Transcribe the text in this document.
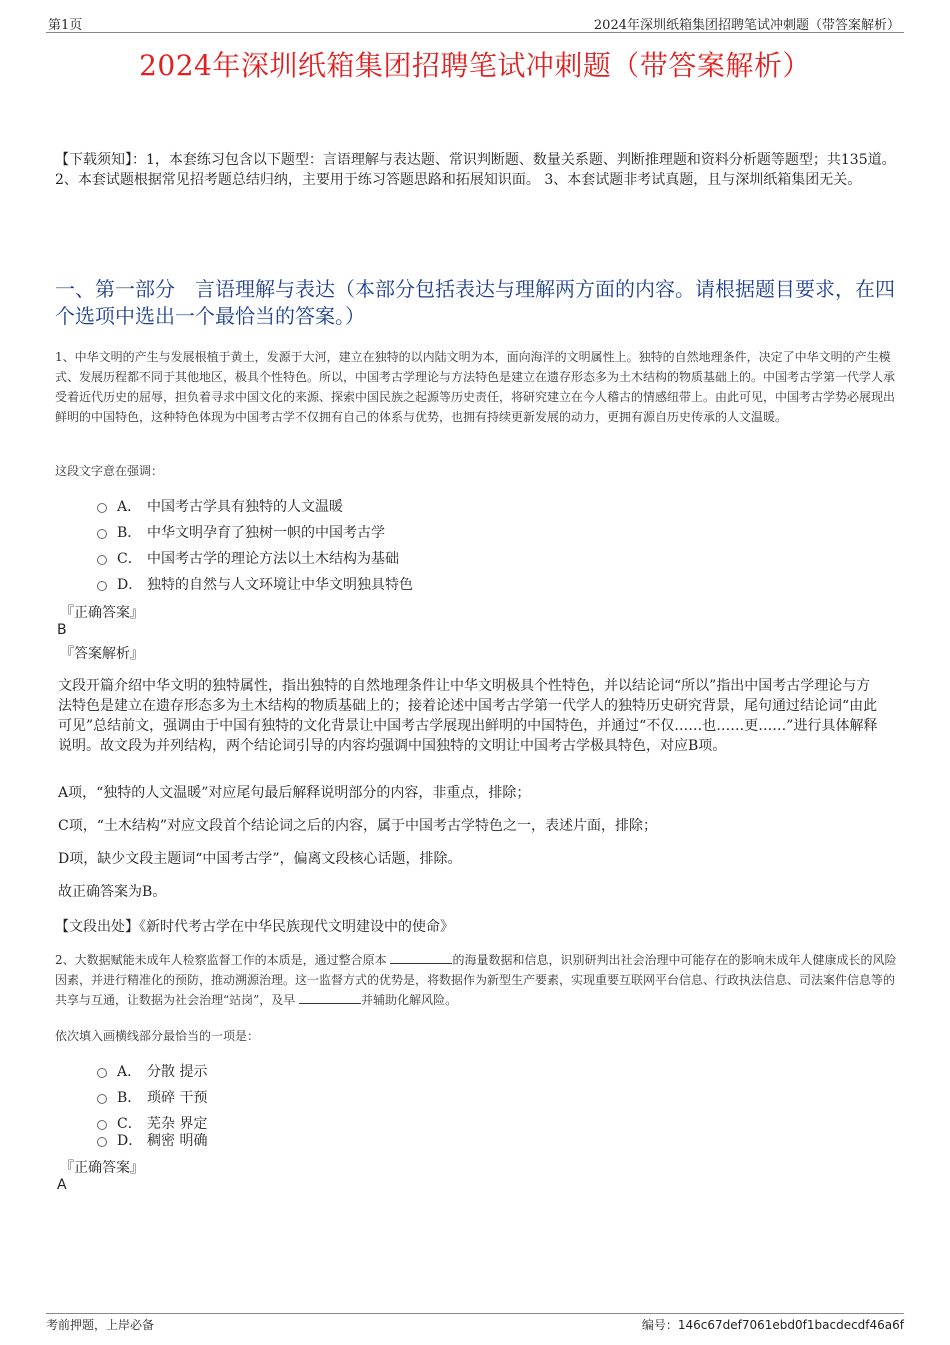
第1页	2024年深圳纸箱集团招聘笔试冲刺题（带答案解析）
2024年深圳纸箱集团招聘笔试冲刺题（带答案解析）
【下载须知】：1，本套练习包含以下题型：言语理解与表达题、常识判断题、数量关系题、判断推理题和资料分析题等题型；共135道。 2、本套试题根据常见招考题总结归纳，主要用于练习答题思路和拓展知识面。 3、本套试题非考试真题，且与深圳纸箱集团无关。
一、第一部分　言语理解与表达（本部分包括表达与理解两方面的内容。请根据题目要求，在四个选项中选出一个最恰当的答案。）
1、中华文明的产生与发展根植于黄土，发源于大河，建立在独特的以内陆文明为本，面向海洋的文明属性上。独特的自然地理条件，决定了中华文明的产生模式、发展历程都不同于其他地区，极具个性特色。所以，中国考古学理论与方法特色是建立在遗存形态多为土木结构的物质基础上的。中国考古学第一代学人承受着近代历史的屈辱，担负着寻求中国文化的来源、探索中国民族之起源等历史责任，将研究建立在今人稽古的情感纽带上。由此可见，中国考古学势必展现出鲜明的中国特色，这种特色体现为中国考古学不仅拥有自己的体系与优势，也拥有持续更新发展的动力，更拥有源自历史传承的人文温暖。
这段文字意在强调：
A． 中国考古学具有独特的人文温暖
B． 中华文明孕育了独树一帜的中国考古学
C． 中国考古学的理论方法以土木结构为基础
D． 独特的自然与人文环境让中华文明独具特色
『正确答案』
B
『答案解析』
文段开篇介绍中华文明的独特属性，指出独特的自然地理条件让中华文明极具个性特色，并以结论词“所以”指出中国考古学理论与方法特色是建立在遗存形态多为土木结构的物质基础上的；接着论述中国考古学第一代学人的独特历史研究背景，尾句通过结论词“由此可见”总结前文，强调由于中国有独特的文化背景让中国考古学展现出鲜明的中国特色，并通过“不仅……也……更……”进行具体解释说明。故文段为并列结构，两个结论词引导的内容均强调中国独特的文明让中国考古学极具特色，对应B项。
A项，“独特的人文温暖”对应尾句最后解释说明部分的内容，非重点，排除；
C项，“土木结构”对应文段首个结论词之后的内容，属于中国考古学特色之一，表述片面，排除；
D项，缺少文段主题词“中国考古学”，偏离文段核心话题，排除。
故正确答案为B。
【文段出处】《新时代考古学在中华民族现代文明建设中的使命》
2、大数据赋能未成年人检察监督工作的本质是，通过整合原本	的海量数据和信息，识别研判出社会治理中可能存在的影响未成年人健康成长的风险因素，并进行精准化的预防，推动溯源治理。这一监督方式的优势是，将数据作为新型生产要素，实现重要互联网平台信息、行政执法信息、司法案件信息等的共享与互通，让数据为社会治理“站岗”，及早	并辅助化解风险。
依次填入画横线部分最恰当的一项是：
A． 分散 提示
B． 琐碎 干预
C． 芜杂 界定
D． 稠密 明确
『正确答案』
A
考前押题，上岸必备	编号：146c67def7061ebd0f1bacdecdf46a6f
